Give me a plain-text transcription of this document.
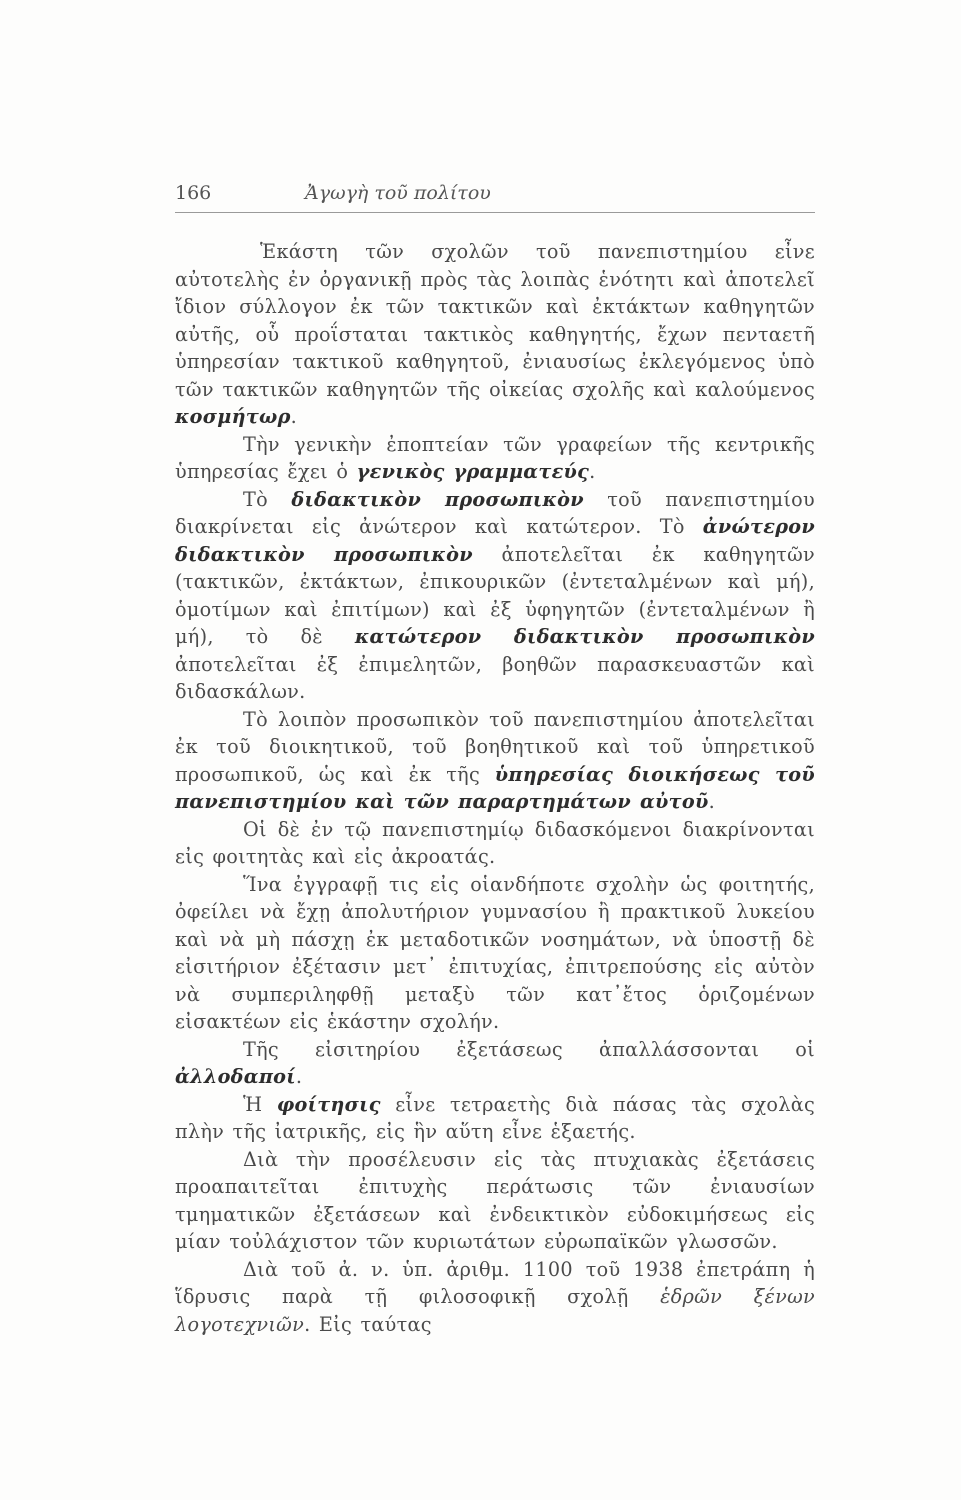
166	Ἀγωγὴ τοῦ πολίτου

Ἑκάστη τῶν σχολῶν τοῦ πανεπιστημίου εἶνε αὐτοτελὴς ἐν ὀργανικῇ πρὸς τὰς λοιπὰς ἑνότητι καὶ ἀποτελεῖ ἴδιον σύλλογον ἐκ τῶν τακτικῶν καὶ ἐκτάκτων καθηγητῶν αὐτῆς, οὗ προΐσταται τακτικὸς καθηγητής, ἔχων πενταετῆ ὑπηρεσίαν τακτικοῦ καθηγητοῦ, ἐνιαυσίως ἐκλεγόμενος ὑπὸ τῶν τακτικῶν καθηγητῶν τῆς οἰκείας σχολῆς καὶ καλούμενος κοσμήτωρ.

Τὴν γενικὴν ἐποπτείαν τῶν γραφείων τῆς κεντρικῆς ὑπηρεσίας ἔχει ὁ γενικὸς γραμματεύς.

Τὸ διδακτικὸν προσωπικὸν τοῦ πανεπιστημίου διακρίνεται εἰς ἀνώτερον καὶ κατώτερον. Τὸ ἀνώτερον διδακτικὸν προσωπικὸν ἀποτελεῖται ἐκ καθηγητῶν (τακτικῶν, ἐκτάκτων, ἐπικουρικῶν (ἐντεταλμένων καὶ μή), ὁμοτίμων καὶ ἐπιτίμων) καὶ ἐξ ὑφηγητῶν (ἐντεταλμένων ἢ μή), τὸ δὲ κατώτερον διδακτικὸν προσωπικὸν ἀποτελεῖται ἐξ ἐπιμελητῶν, βοηθῶν παρασκευαστῶν καὶ διδασκάλων.

Τὸ λοιπὸν προσωπικὸν τοῦ πανεπιστημίου ἀποτελεῖται ἐκ τοῦ διοικητικοῦ, τοῦ βοηθητικοῦ καὶ τοῦ ὑπηρετικοῦ προσωπικοῦ, ὡς καὶ ἐκ τῆς ὑπηρεσίας διοικήσεως τοῦ πανεπιστημίου καὶ τῶν παραρτημάτων αὐτοῦ.

Οἱ δὲ ἐν τῷ πανεπιστημίῳ διδασκόμενοι διακρίνονται εἰς φοιτητὰς καὶ εἰς ἀκροατάς.

Ἵνα ἐγγραφῇ τις εἰς οἱανδήποτε σχολὴν ὡς φοιτητής, ὀφείλει νὰ ἔχῃ ἀπολυτήριον γυμνασίου ἢ πρακτικοῦ λυκείου καὶ νὰ μὴ πάσχῃ ἐκ μεταδοτικῶν νοσημάτων, νὰ ὑποστῇ δὲ εἰσιτήριον ἐξέτασιν μετ᾽ ἐπιτυχίας, ἐπιτρεπούσης εἰς αὐτὸν νὰ συμπεριληφθῇ μεταξὺ τῶν κατ᾽ἔτος ὁριζομένων εἰσακτέων εἰς ἑκάστην σχολήν.

Τῆς εἰσιτηρίου ἐξετάσεως ἀπαλλάσσονται οἱ ἀλλοδαποί.

Ἡ φοίτησις εἶνε τετραετὴς διὰ πάσας τὰς σχολὰς πλὴν τῆς ἰατρικῆς, εἰς ἣν αὕτη εἶνε ἑξαετής.

Διὰ τὴν προσέλευσιν εἰς τὰς πτυχιακὰς ἐξετάσεις προαπαιτεῖται ἐπιτυχὴς περάτωσις τῶν ἐνιαυσίων τμηματικῶν ἐξετάσεων καὶ ἐνδεικτικὸν εὐδοκιμήσεως εἰς μίαν τοὐλάχιστον τῶν κυριωτάτων εὐρωπαϊκῶν γλωσσῶν.

Διὰ τοῦ ἀ. ν. ὑπ. ἀριθμ. 1100 τοῦ 1938 ἐπετράπη ἡ ἵδρυσις παρὰ τῇ φιλοσοφικῇ σχολῇ ἑδρῶν ξένων λογοτεχνιῶν. Εἰς ταύτας
